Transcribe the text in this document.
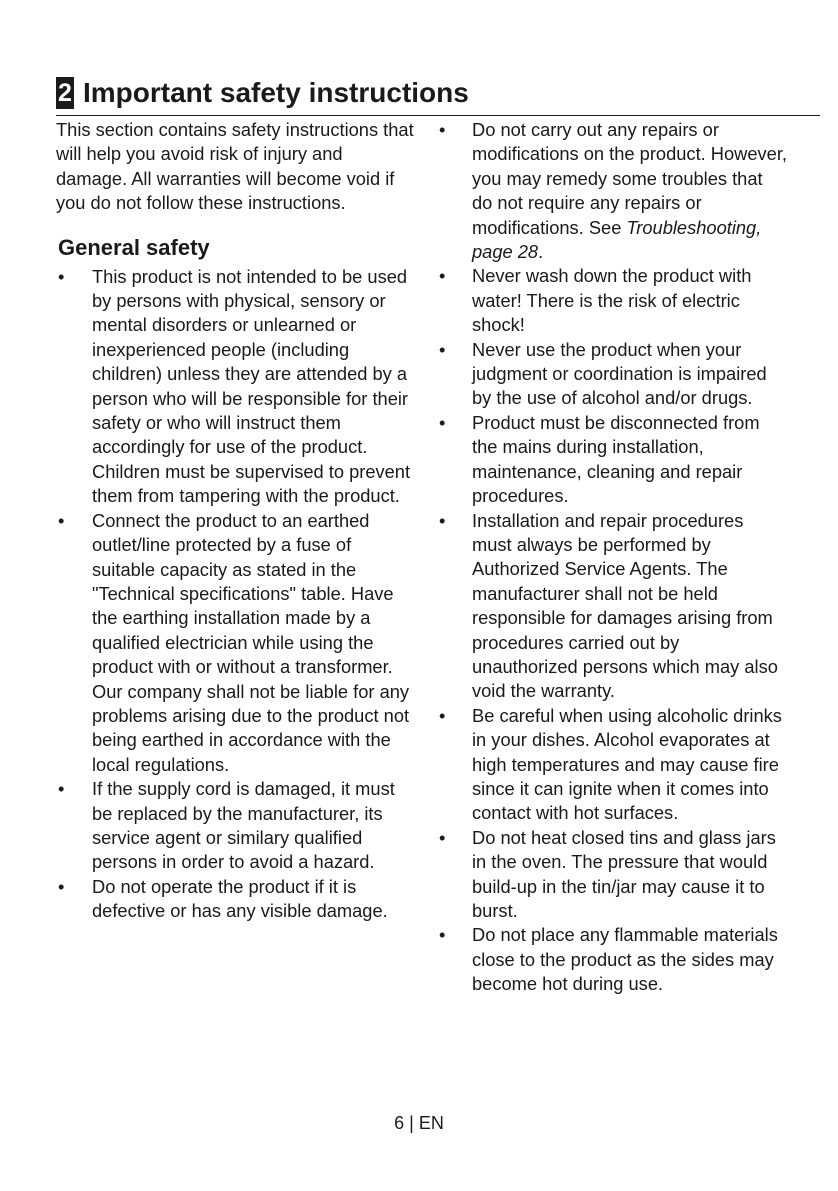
2 Important safety instructions

This section contains safety instructions that will help you avoid risk of injury and damage. All warranties will become void if you do not follow these instructions.

General safety
• This product is not intended to be used by persons with physical, sensory or mental disorders or unlearned or inexperienced people (including children) unless they are attended by a person who will be responsible for their safety or who will instruct them accordingly for use of the product.
Children must be supervised to prevent them from tampering with the product.
• Connect the product to an earthed outlet/line protected by a fuse of suitable capacity as stated in the "Technical specifications" table. Have the earthing installation made by a qualified electrician while using the product with or without a transformer. Our company shall not be liable for any problems arising due to the product not being earthed in accordance with the local regulations.
• If the supply cord is damaged, it must be replaced by the manufacturer, its service agent or similary qualified persons in order to avoid a hazard.
• Do not operate the product if it is defective or has any visible damage.
• Do not carry out any repairs or modifications on the product. However, you may remedy some troubles that do not require any repairs or modifications. See Troubleshooting, page 28.
• Never wash down the product with water! There is the risk of electric shock!
• Never use the product when your judgment or coordination is impaired by the use of alcohol and/or drugs.
• Product must be disconnected from the mains during installation, maintenance, cleaning and repair procedures.
• Installation and repair procedures must always be performed by Authorized Service Agents. The manufacturer shall not be held responsible for damages arising from procedures carried out by unauthorized persons which may also void the warranty.
• Be careful when using alcoholic drinks in your dishes. Alcohol evaporates at high temperatures and may cause fire since it can ignite when it comes into contact with hot surfaces.
• Do not heat closed tins and glass jars in the oven. The pressure that would build-up in the tin/jar may cause it to burst.
• Do not place any flammable materials close to the product as the sides may become hot during use.
6 | EN
